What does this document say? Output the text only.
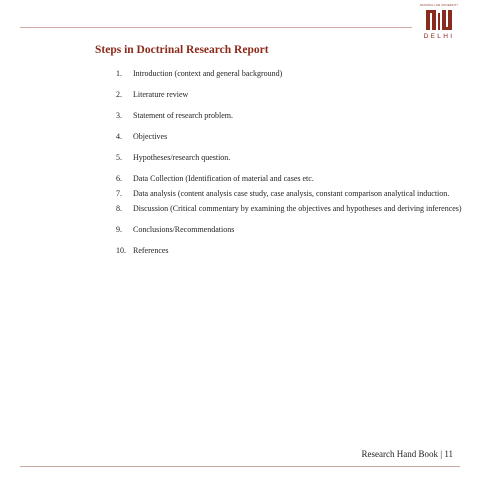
NATIONAL LAW UNIVERSITY
DELHI
Steps in Doctrinal Research Report
1. Introduction (context and general background)
2. Literature review
3. Statement of research problem.
4. Objectives
5. Hypotheses/research question.
6. Data Collection (Identification of material and cases etc.
7. Data analysis (content analysis case study, case analysis, constant comparison analytical induction.
8. Discussion (Critical commentary by examining the objectives and hypotheses and deriving inferences)
9. Conclusions/Recommendations
10. References
Research Hand Book | 11
